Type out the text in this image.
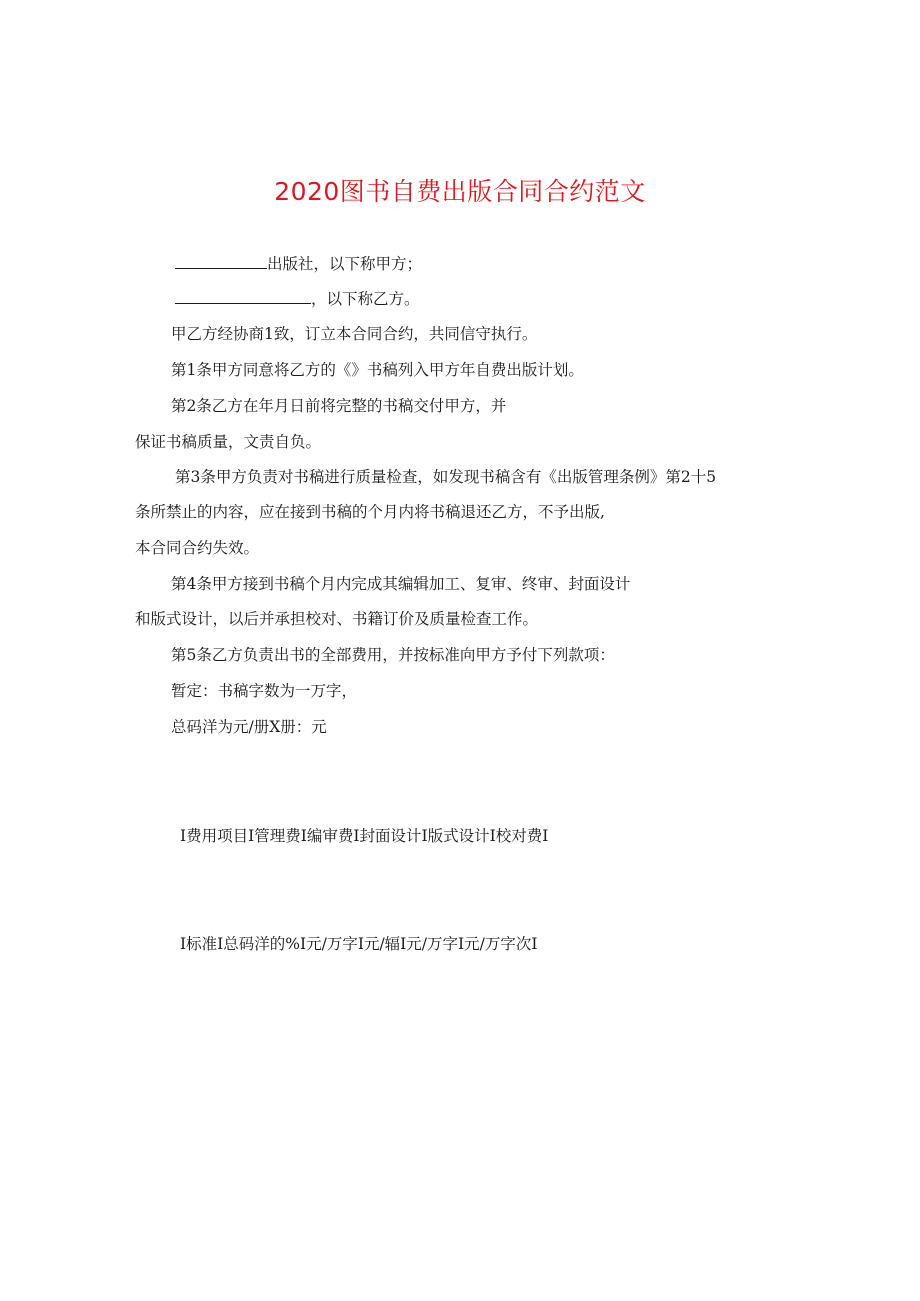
2020图书自费出版合同合约范文
出版社，以下称甲方；
，以下称乙方。
甲乙方经协商1致，订立本合同合约，共同信守执行。
第1条甲方同意将乙方的《》书稿列入甲方年自费出版计划。
第2条乙方在年月日前将完整的书稿交付甲方，并
保证书稿质量，文责自负。
第3条甲方负责对书稿进行质量检查，如发现书稿含有《出版管理条例》第2十5
条所禁止的内容，应在接到书稿的个月内将书稿退还乙方，不予出版,
本合同合约失效。
第4条甲方接到书稿个月内完成其编辑加工、复审、终审、封面设计
和版式设计，以后并承担校对、书籍订价及质量检查工作。
第5条乙方负责出书的全部费用，并按标准向甲方予付下列款项：
暂定：书稿字数为一万字，
总码洋为元/册X册：元
I费用项目I管理费I编审费I封面设计I版式设计I校对费I
I标准I总码洋的%I元/万字I元/辐I元/万字I元/万字次I
